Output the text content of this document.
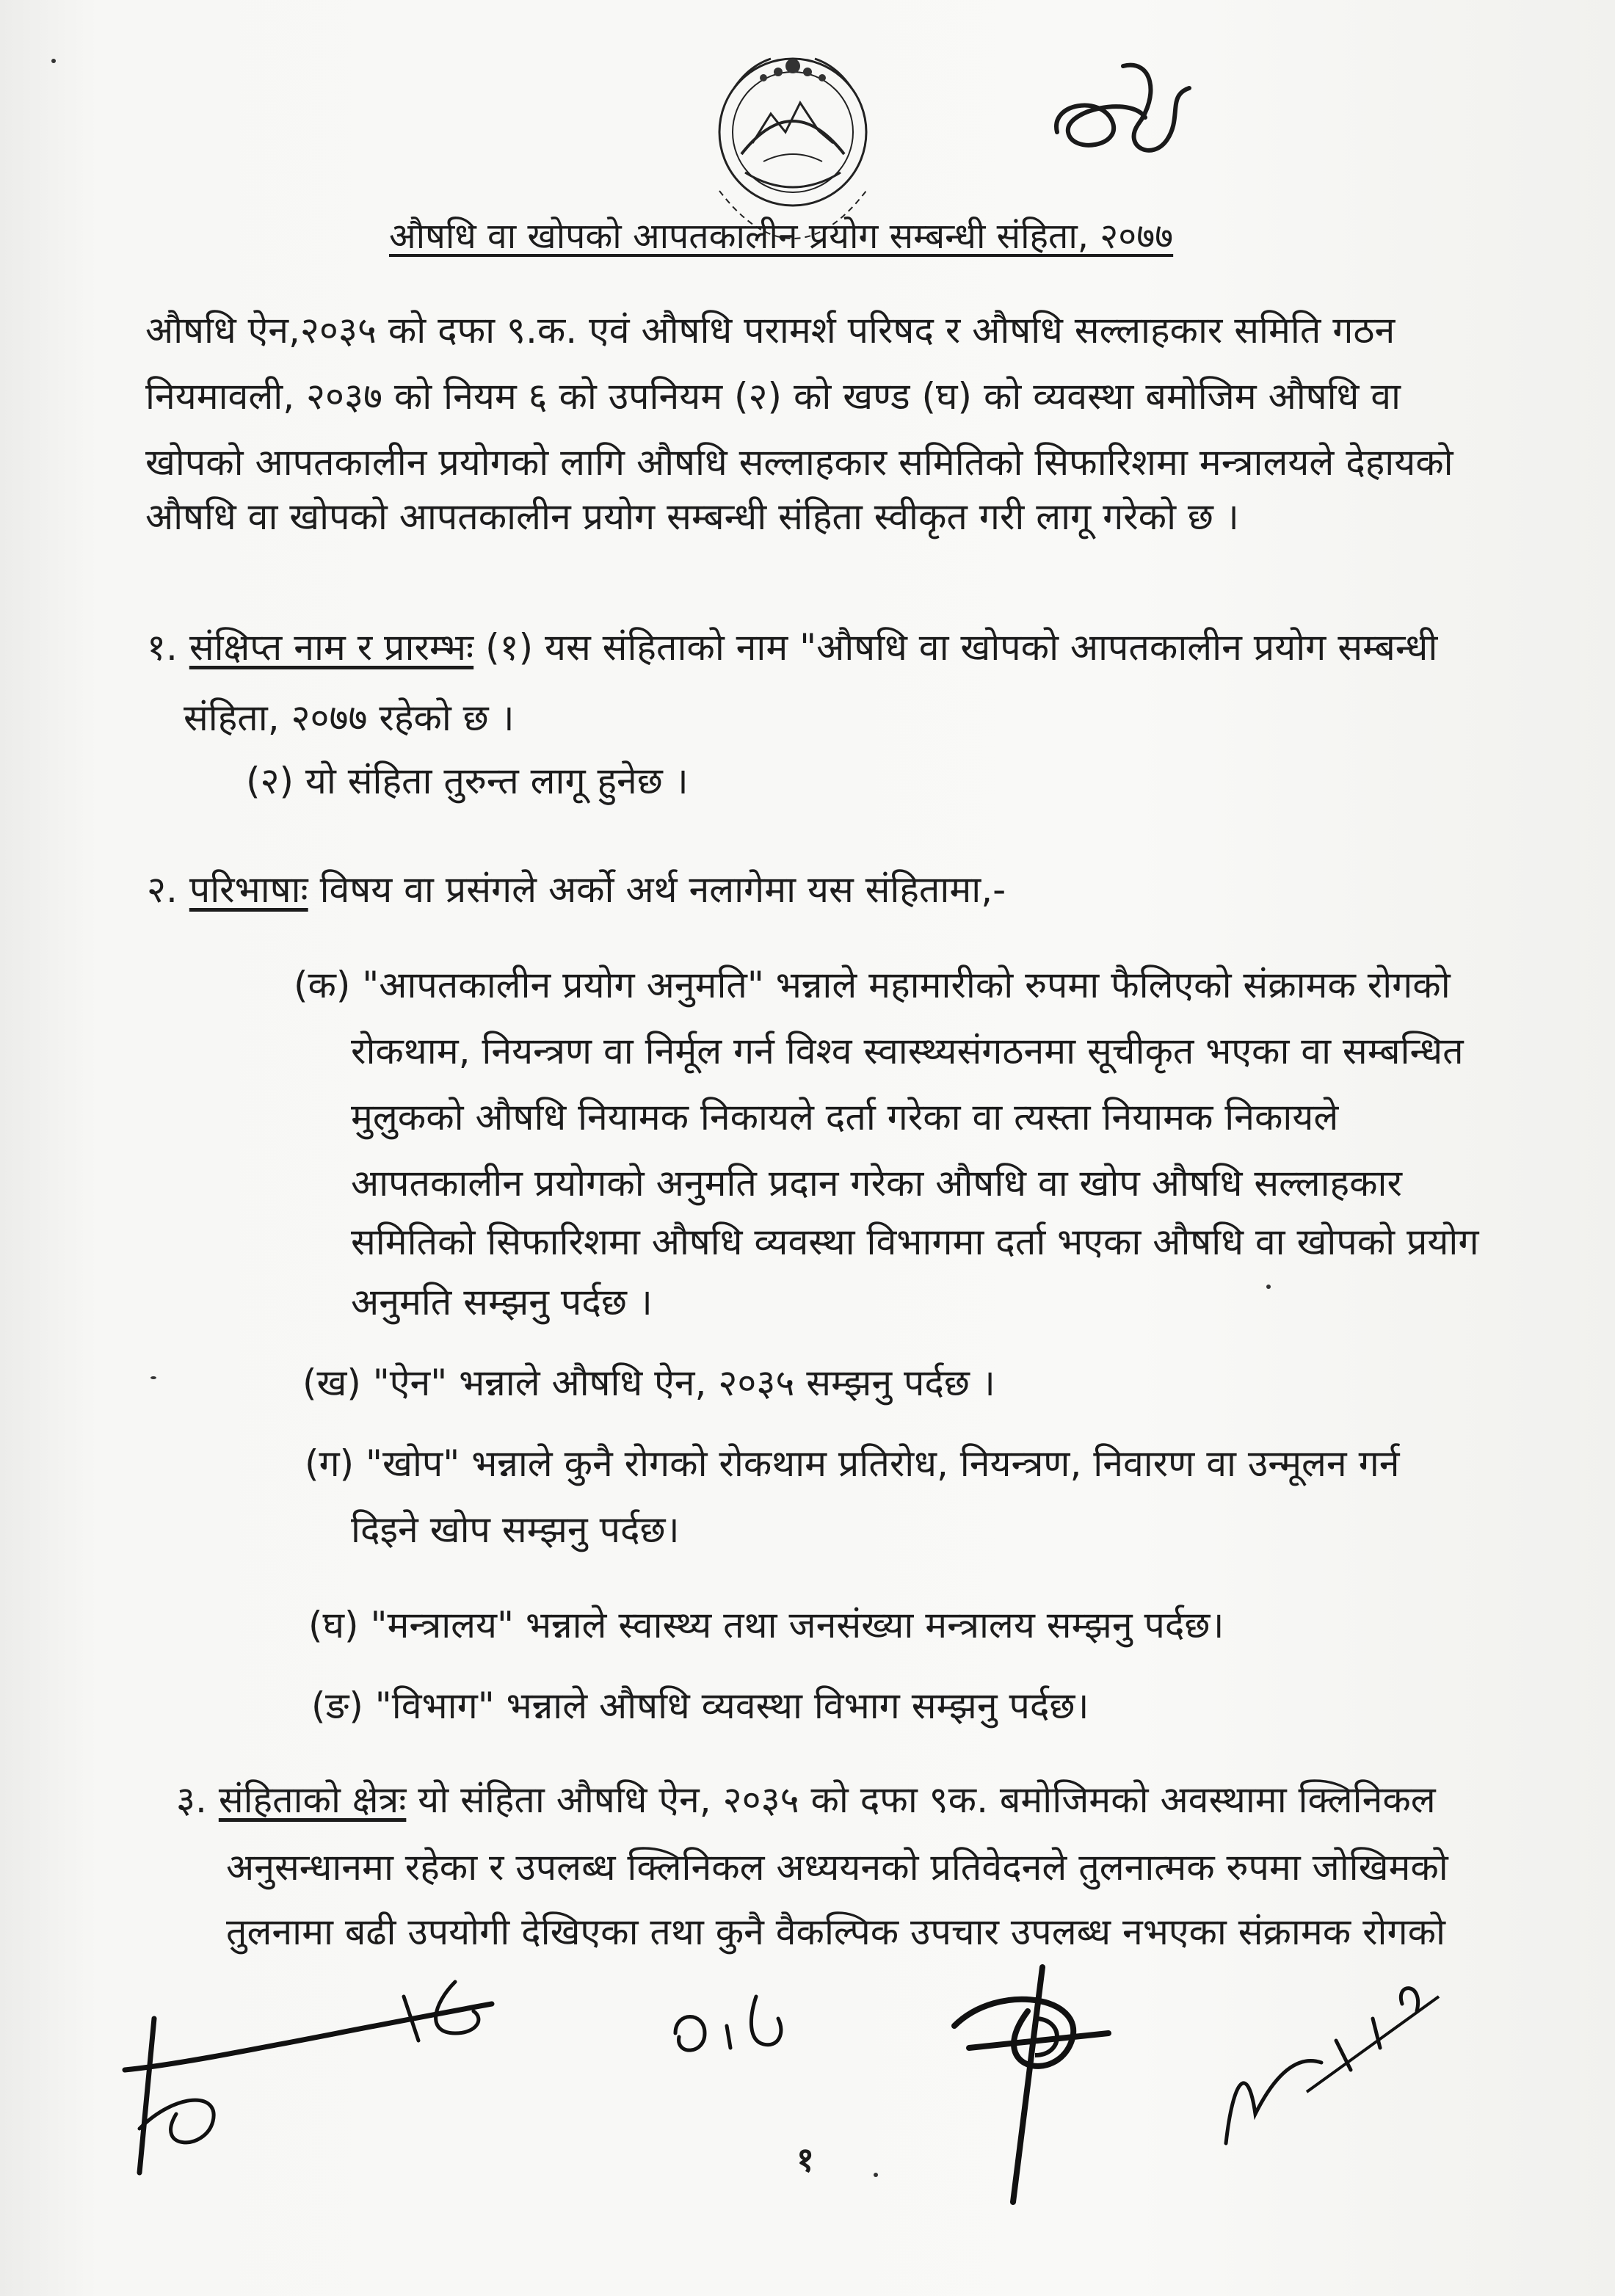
औषधि वा खोपको आपतकालीन प्रयोग सम्बन्धी संहिता, २०७७

औषधि ऐन,२०३५ को दफा ९.क. एवं औषधि परामर्श परिषद र औषधि सल्लाहकार समिति गठन

नियमावली, २०३७ को नियम ६ को उपनियम (२) को खण्ड (घ) को व्यवस्था बमोजिम औषधि वा

खोपको आपतकालीन प्रयोगको लागि औषधि सल्लाहकार समितिको सिफारिशमा मन्त्रालयले देहायको

औषधि वा खोपको आपतकालीन प्रयोग सम्बन्धी संहिता स्वीकृत गरी लागू गरेको छ ।

१. संक्षिप्त नाम र प्रारम्भः (१) यस संहिताको नाम "औषधि वा खोपको आपतकालीन प्रयोग सम्बन्धी

संहिता, २०७७ रहेको छ ।

(२) यो संहिता तुरुन्त लागू हुनेछ ।

२. परिभाषाः विषय वा प्रसंगले अर्को अर्थ नलागेमा यस संहितामा,-

(क) "आपतकालीन प्रयोग अनुमति" भन्नाले महामारीको रुपमा फैलिएको संक्रामक रोगको

रोकथाम, नियन्त्रण वा निर्मूल गर्न विश्व स्वास्थ्यसंगठनमा सूचीकृत भएका वा सम्बन्धित

मुलुकको औषधि नियामक निकायले दर्ता गरेका वा त्यस्ता नियामक निकायले

आपतकालीन प्रयोगको अनुमति प्रदान गरेका औषधि वा खोप औषधि सल्लाहकार

समितिको सिफारिशमा औषधि व्यवस्था विभागमा दर्ता भएका औषधि वा खोपको प्रयोग

अनुमति सम्झनु पर्दछ ।

(ख) "ऐन" भन्नाले औषधि ऐन, २०३५ सम्झनु पर्दछ ।

(ग) "खोप" भन्नाले कुनै रोगको रोकथाम प्रतिरोध, नियन्त्रण, निवारण वा उन्मूलन गर्न

दिइने खोप सम्झनु पर्दछ।

(घ) "मन्त्रालय" भन्नाले स्वास्थ्य तथा जनसंख्या मन्त्रालय सम्झनु पर्दछ।

(ङ) "विभाग" भन्नाले औषधि व्यवस्था विभाग सम्झनु पर्दछ।

३. संहिताको क्षेत्रः यो संहिता औषधि ऐन, २०३५ को दफा ९क. बमोजिमको अवस्थामा क्लिनिकल

अनुसन्धानमा रहेका र उपलब्ध क्लिनिकल अध्ययनको प्रतिवेदनले तुलनात्मक रुपमा जोखिमको

तुलनामा बढी उपयोगी देखिएका तथा कुनै वैकल्पिक उपचार उपलब्ध नभएका संक्रामक रोगको

१
